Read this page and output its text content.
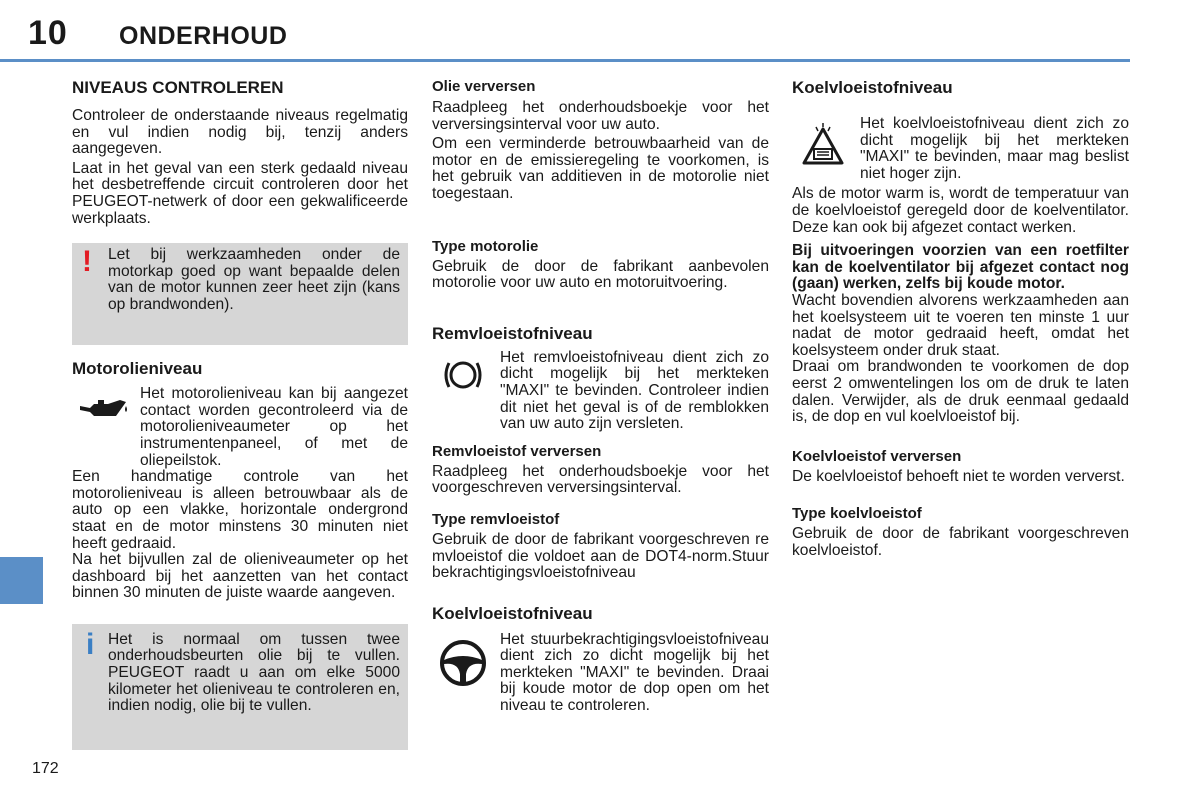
10 ONDERHOUD
172

NIVEAUS CONTROLEREN

Controleer de onderstaande niveaus regelmatig en vul indien nodig bij, tenzij anders aangegeven.

Laat in het geval van een sterk gedaald niveau het desbetreffende circuit controleren door het PEUGEOT-netwerk of door een gekwalificeerde werkplaats.

! Let bij werkzaamheden onder de motorkap goed op want bepaalde delen van de motor kunnen zeer heet zijn (kans op brandwonden).

Motorolieniveau

Het motorolieniveau kan bij aangezet contact worden gecontroleerd via de motorolieniveaumeter op het instrumentenpaneel, of met de oliepeilstok.

Een handmatige controle van het motorolieniveau is alleen betrouwbaar als de auto op een vlakke, horizontale ondergrond staat en de motor minstens 30 minuten niet heeft gedraaid.

Na het bijvullen zal de olieniveaumeter op het dashboard bij het aanzetten van het contact binnen 30 minuten de juiste waarde aangeven.

i Het is normaal om tussen twee onderhoudsbeurten olie bij te vullen. PEUGEOT raadt u aan om elke 5000 kilometer het olieniveau te controleren en, indien nodig, olie bij te vullen.

Olie verversen

Raadpleeg het onderhoudsboekje voor het verversingsinterval voor uw auto.

Om een verminderde betrouwbaarheid van de motor en de emissieregeling te voorkomen, is het gebruik van additieven in de motorolie niet toegestaan.

Type motorolie

Gebruik de door de fabrikant aanbevolen motorolie voor uw auto en motoruitvoering.

Remvloeistofniveau

Het remvloeistofniveau dient zich zo dicht mogelijk bij het merkteken "MAXI" te bevinden. Controleer indien dit niet het geval is of de remblokken van uw auto zijn versleten.

Remvloeistof verversen

Raadpleeg het onderhoudsboekje voor het voorgeschreven verversingsinterval.

Type remvloeistof

Gebruik de door de fabrikant voorgeschreven remvloeistof die voldoet aan de DOT4-norm.Stuurbekrachtigingsvloeistofniveau

Koelvloeistofniveau

Het stuurbekrachtigingsvloeistofniveau dient zich zo dicht mogelijk bij het merkteken "MAXI" te bevinden. Draai bij koude motor de dop open om het niveau te controleren.

Koelvloeistofniveau

Het koelvloeistofniveau dient zich zo dicht mogelijk bij het merkteken "MAXI" te bevinden, maar mag beslist niet hoger zijn.

Als de motor warm is, wordt de temperatuur van de koelvloeistof geregeld door de koelventilator. Deze kan ook bij afgezet contact werken.

Bij uitvoeringen voorzien van een roetfilter kan de koelventilator bij afgezet contact nog (gaan) werken, zelfs bij koude motor.

Wacht bovendien alvorens werkzaamheden aan het koelsysteem uit te voeren ten minste 1 uur nadat de motor gedraaid heeft, omdat het koelsysteem onder druk staat.

Draai om brandwonden te voorkomen de dop eerst 2 omwentelingen los om de druk te laten dalen. Verwijder, als de druk eenmaal gedaald is, de dop en vul koelvloeistof bij.

Koelvloeistof verversen

De koelvloeistof behoeft niet te worden ververst.

Type koelvloeistof

Gebruik de door de fabrikant voorgeschreven koelvloeistof.
